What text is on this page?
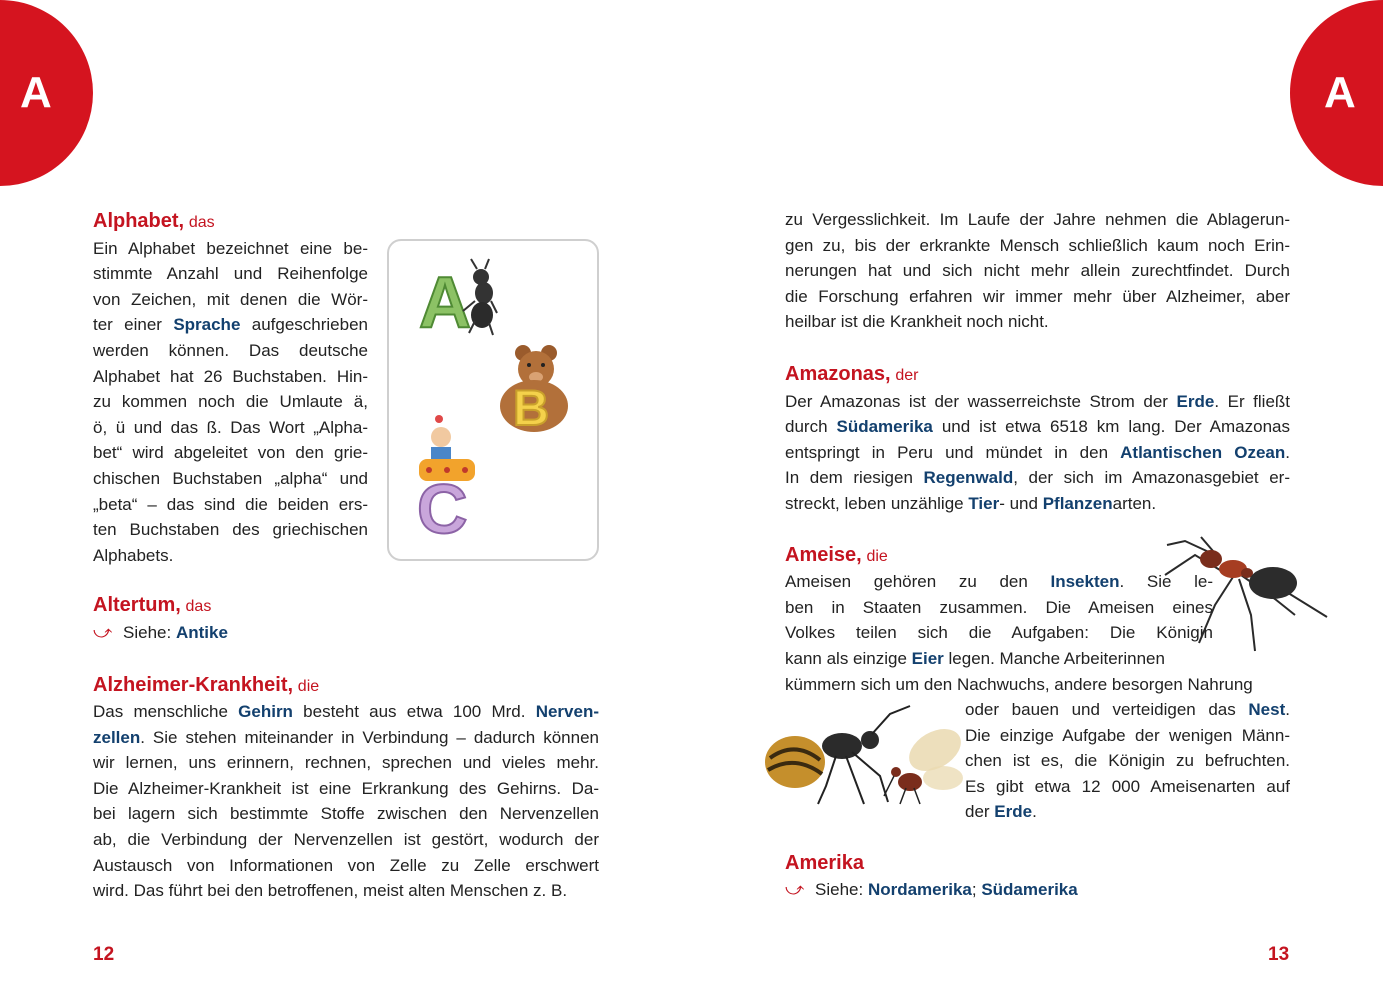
A	A
Alphabet, das
Ein Alphabet bezeichnet eine be-
stimmte Anzahl und Reihenfolge
von Zeichen, mit denen die Wör-
ter einer Sprache aufgeschrieben
werden können. Das deutsche
Alphabet hat 26 Buchstaben. Hin-
zu kommen noch die Umlaute ä,
ö, ü und das ß. Das Wort „Alpha-
bet“ wird abgeleitet von den grie-
chischen Buchstaben „alpha“ und
„beta“ – das sind die beiden ers-
ten Buchstaben des griechischen
Alphabets.
Altertum, das
⤻ Siehe: Antike
Alzheimer-Krankheit, die
Das menschliche Gehirn besteht aus etwa 100 Mrd. Nerven-
zellen. Sie stehen miteinander in Verbindung – dadurch können
wir lernen, uns erinnern, rechnen, sprechen und vieles mehr.
Die Alzheimer-Krankheit ist eine Erkrankung des Gehirns. Da-
bei lagern sich bestimmte Stoffe zwischen den Nervenzellen
ab, die Verbindung der Nervenzellen ist gestört, wodurch der
Austausch von Informationen von Zelle zu Zelle erschwert
wird. Das führt bei den betroffenen, meist alten Menschen z. B.
A
B
C
zu Vergesslichkeit. Im Laufe der Jahre nehmen die Ablagerun-
gen zu, bis der erkrankte Mensch schließlich kaum noch Erin-
nerungen hat und sich nicht mehr allein zurechtfindet. Durch
die Forschung erfahren wir immer mehr über Alzheimer, aber
heilbar ist die Krankheit noch nicht.
Amazonas, der
Der Amazonas ist der wasserreichste Strom der Erde. Er fließt
durch Südamerika und ist etwa 6518 km lang. Der Amazonas
entspringt in Peru und mündet in den Atlantischen Ozean.
In dem riesigen Regenwald, der sich im Amazonasgebiet er-
streckt, leben unzählige Tier- und Pflanzenarten.
Ameise, die
Ameisen gehören zu den Insekten. Sie le-
ben in Staaten zusammen. Die Ameisen eines
Volkes teilen sich die Aufgaben: Die Königin
kann als einzige Eier legen. Manche Arbeiterinnen
kümmern sich um den Nachwuchs, andere besorgen Nahrung
oder bauen und verteidigen das Nest.
Die einzige Aufgabe der wenigen Männ-
chen ist es, die Königin zu befruchten.
Es gibt etwa 12 000 Ameisenarten auf
der Erde.
Amerika
⤻ Siehe: Nordamerika; Südamerika
12	13
